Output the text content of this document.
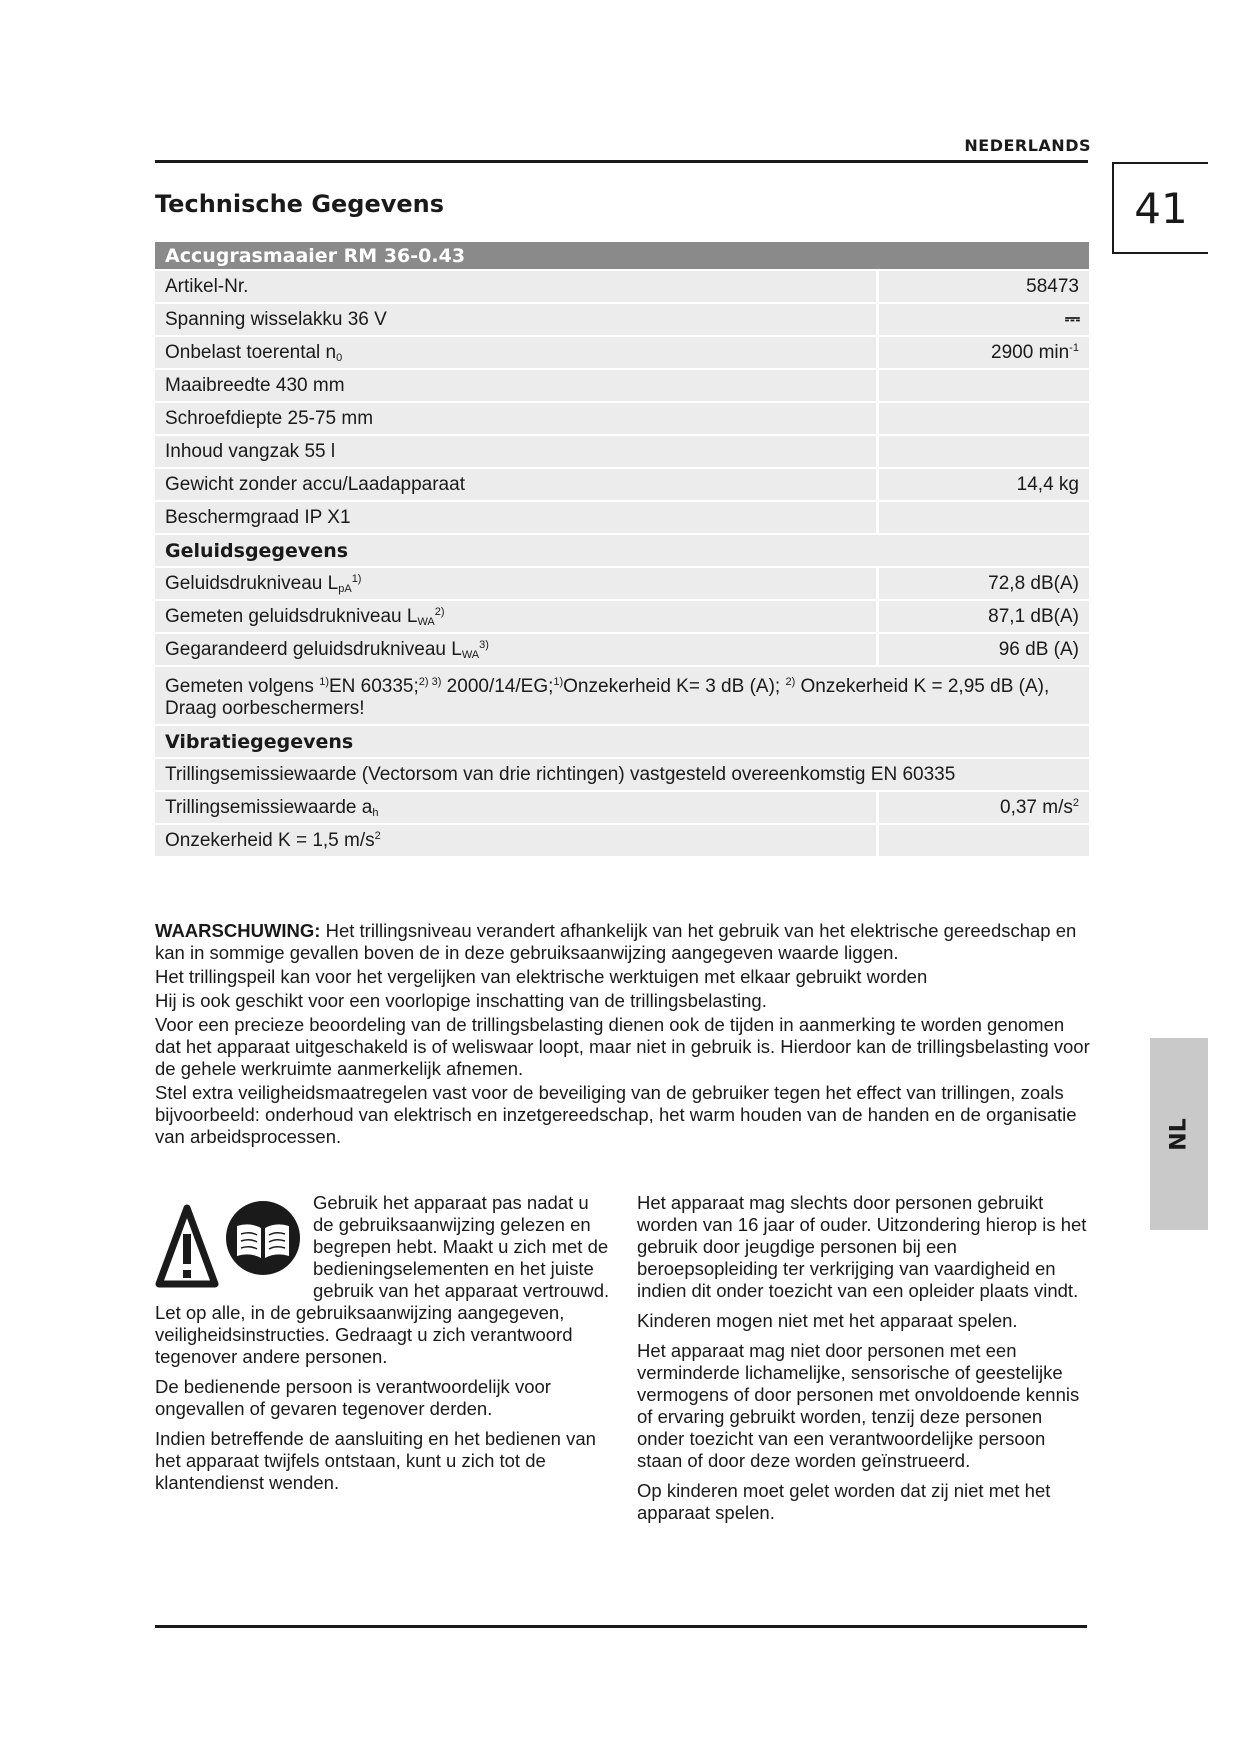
NEDERLANDS
41
Technische Gegevens
Accugrasmaaier RM 36-0.43	
Artikel-Nr.	58473
Spanning wisselakku 36 V	⎓
Onbelast toerental $n_0$	2900 $\min^{-1}$
Maaibreedte 430 mm	
Schroefdiepte 25-75 mm	
Inhoud vangzak 55 l	
Gewicht zonder accu/Laadapparaat	14,4 kg
Beschermgraad IP X1	
Geluidsgegevens	
Geluidsdrukniveau $L_{pA}^{1)}$	72,8 dB(A)
Gemeten geluidsdrukniveau $L_{WA}^{2)}$	87,1 dB(A)
Gegarandeerd geluidsdrukniveau $L_{WA}^{3)}$	96 dB (A)
Gemeten volgens $^{1)}$EN 60335;$^{2) 3)}$ 2000/14/EG;$^{1)}$Onzekerheid K= 3 dB (A); $^{2)}$ Onzekerheid K = 2,95 dB (A), Draag oorbeschermers!	
Vibratiegegevens	
Trillingsemissiewaarde (Vectorsom van drie richtingen) vastgesteld overeenkomstig EN 60335	
Trillingsemissiewaarde $a_h$	0,37 $m/s^2$
Onzekerheid K = 1,5 $m/s^2$	

WAARSCHUWING: Het trillingsniveau verandert afhankelijk van het gebruik van het elektrische gereedschap en kan in sommige gevallen boven de in deze gebruiksaanwijzing aangegeven waarde liggen.

Het trillingspeil kan voor het vergelijken van elektrische werktuigen met elkaar gebruikt worden

Hij is ook geschikt voor een voorlopige inschatting van de trillingsbelasting.

Voor een precieze beoordeling van de trillingsbelasting dienen ook de tijden in aanmerking te worden genomen dat het apparaat uitgeschakeld is of weliswaar loopt, maar niet in gebruik is. Hierdoor kan de trillingsbelasting voor de gehele werkruimte aanmerkelijk afnemen.

Stel extra veiligheidsmaatregelen vast voor de beveiliging van de gebruiker tegen het effect van trillingen, zoals bijvoorbeeld: onderhoud van elektrisch en inzetgereedschap, het warm houden van de handen en de organisatie van arbeidsprocessen.

Gebruik het apparaat pas nadat u de gebruiksaanwijzing gelezen en begrepen hebt. Maakt u zich met de bedieningselementen en het juiste gebruik van het apparaat vertrouwd. Let op alle, in de gebruiksaanwijzing aangegeven, veiligheidsinstructies. Gedraagt u zich verantwoord tegenover andere personen.

De bedienende persoon is verantwoordelijk voor ongevallen of gevaren tegenover derden.

Indien betreffende de aansluiting en het bedienen van het apparaat twijfels ontstaan, kunt u zich tot de klantendienst wenden.

Het apparaat mag slechts door personen gebruikt worden van 16 jaar of ouder. Uitzondering hierop is het gebruik door jeugdige personen bij een beroepsopleiding ter verkrijging van vaardigheid en indien dit onder toezicht van een opleider plaats vindt.

Kinderen mogen niet met het apparaat spelen.

Het apparaat mag niet door personen met een verminderde lichamelijke, sensorische of geestelijke vermogens of door personen met onvoldoende kennis of ervaring gebruikt worden, tenzij deze personen onder toezicht van een verantwoordelijke persoon staan of door deze worden geïnstrueerd.

Op kinderen moet gelet worden dat zij niet met het apparaat spelen.

NL
